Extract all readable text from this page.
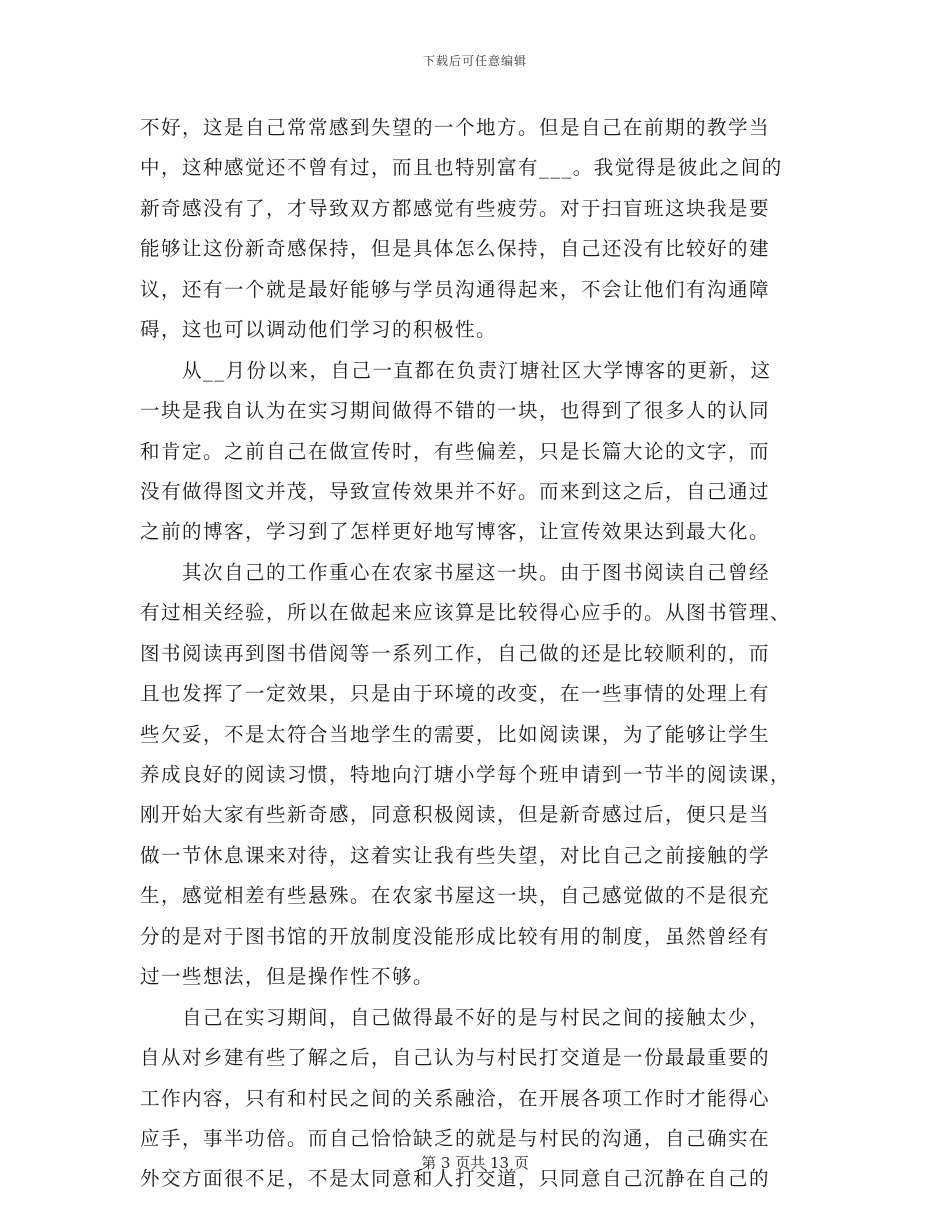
下载后可任意编辑
不好，这是自己常常感到失望的一个地方。但是自己在前期的教学当
中，这种感觉还不曾有过，而且也特别富有___。我觉得是彼此之间的
新奇感没有了，才导致双方都感觉有些疲劳。对于扫盲班这块我是要
能够让这份新奇感保持，但是具体怎么保持，自己还没有比较好的建
议，还有一个就是最好能够与学员沟通得起来，不会让他们有沟通障
碍，这也可以调动他们学习的积极性。
　　从__月份以来，自己一直都在负责汀塘社区大学博客的更新，这
一块是我自认为在实习期间做得不错的一块，也得到了很多人的认同
和肯定。之前自己在做宣传时，有些偏差，只是长篇大论的文字，而
没有做得图文并茂，导致宣传效果并不好。而来到这之后，自己通过
之前的博客，学习到了怎样更好地写博客，让宣传效果达到最大化。
　　其次自己的工作重心在农家书屋这一块。由于图书阅读自己曾经
有过相关经验，所以在做起来应该算是比较得心应手的。从图书管理、
图书阅读再到图书借阅等一系列工作，自己做的还是比较顺利的，而
且也发挥了一定效果，只是由于环境的改变，在一些事情的处理上有
些欠妥，不是太符合当地学生的需要，比如阅读课，为了能够让学生
养成良好的阅读习惯，特地向汀塘小学每个班申请到一节半的阅读课，
刚开始大家有些新奇感，同意积极阅读，但是新奇感过后，便只是当
做一节休息课来对待，这着实让我有些失望，对比自己之前接触的学
生，感觉相差有些悬殊。在农家书屋这一块，自己感觉做的不是很充
分的是对于图书馆的开放制度没能形成比较有用的制度，虽然曾经有
过一些想法，但是操作性不够。
　　自己在实习期间，自己做得最不好的是与村民之间的接触太少，
自从对乡建有些了解之后，自己认为与村民打交道是一份最最重要的
工作内容，只有和村民之间的关系融洽，在开展各项工作时才能得心
应手，事半功倍。而自己恰恰缺乏的就是与村民的沟通，自己确实在
外交方面很不足，不是太同意和人打交道，只同意自己沉静在自己的
第 3 页共 13 页
